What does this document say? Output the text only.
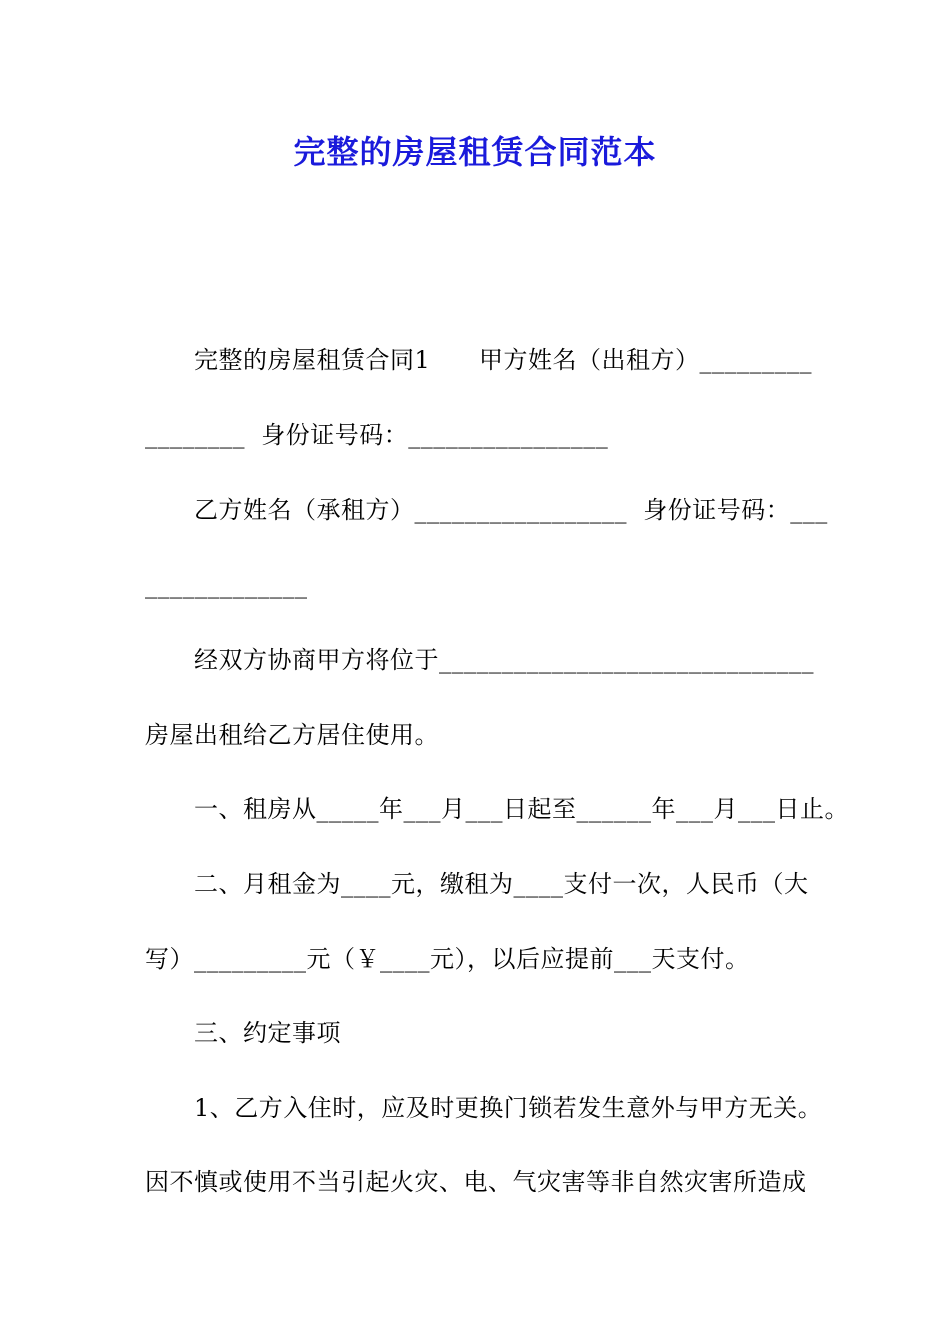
完整的房屋租赁合同范本
完整的房屋租赁合同1      甲方姓名（出租方）_________
________  身份证号码：________________
乙方姓名（承租方）_________________  身份证号码：___
_____________
经双方协商甲方将位于______________________________
房屋出租给乙方居住使用。
一、租房从_____年___月___日起至______年___月___日止。
二、月租金为____元，缴租为____支付一次，人民币（大
写）_________元（￥____元），以后应提前___天支付。
三、约定事项
1、乙方入住时，应及时更换门锁若发生意外与甲方无关。
因不慎或使用不当引起火灾、电、气灾害等非自然灾害所造成
